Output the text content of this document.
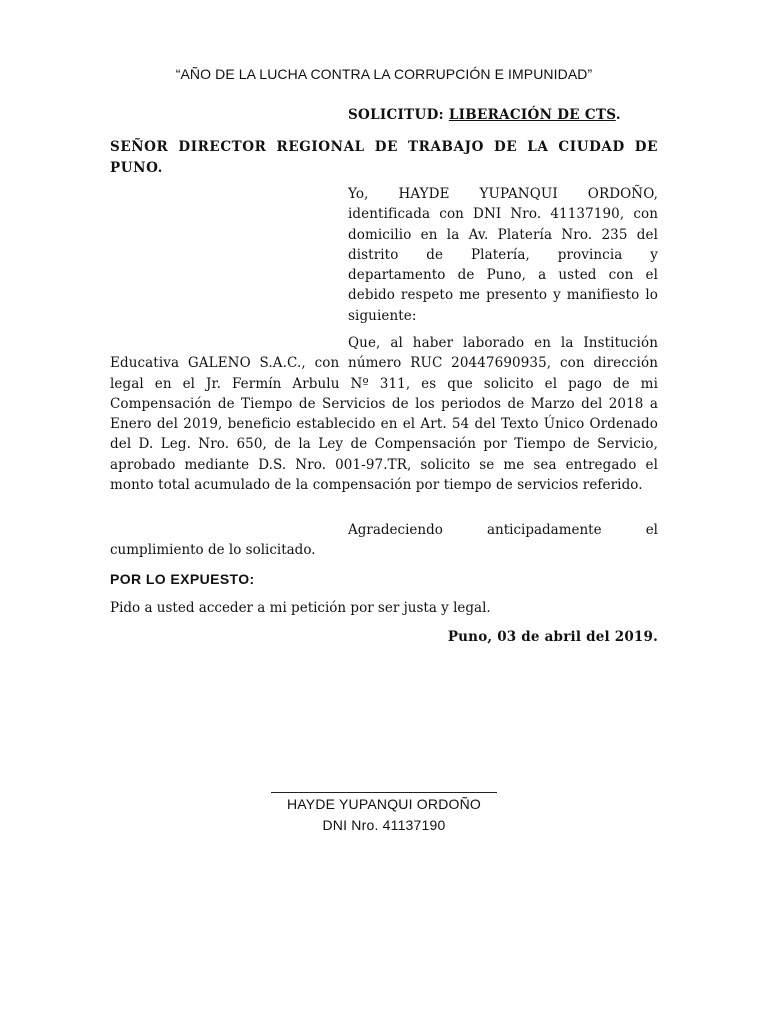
“AÑO DE LA LUCHA CONTRA LA CORRUPCIÓN E IMPUNIDAD”
SOLICITUD: LIBERACIÓN DE CTS.
SEÑOR DIRECTOR REGIONAL DE TRABAJO DE LA CIUDAD DE PUNO.
Yo, HAYDE YUPANQUI ORDOÑO, identificada con DNI Nro. 41137190, con domicilio en la Av. Platería Nro. 235 del distrito de Platería, provincia y departamento de Puno, a usted con el debido respeto me presento y manifiesto lo siguiente:
Que, al haber laborado en la Institución Educativa GALENO S.A.C., con número RUC 20447690935, con dirección legal en el Jr. Fermín Arbulu Nº 311, es que solicito el pago de mi Compensación de Tiempo de Servicios de los periodos de Marzo del 2018 a Enero del 2019, beneficio establecido en el Art. 54 del Texto Único Ordenado del D. Leg. Nro. 650, de la Ley de Compensación por Tiempo de Servicio, aprobado mediante D.S. Nro. 001-97.TR, solicito se me sea entregado el monto total acumulado de la compensación por tiempo de servicios referido.
Agradeciendo anticipadamente el cumplimiento de lo solicitado.
POR LO EXPUESTO:
Pido a usted acceder a mi petición por ser justa y legal.
Puno, 03 de abril del 2019.
HAYDE YUPANQUI ORDOÑO
DNI Nro. 41137190
